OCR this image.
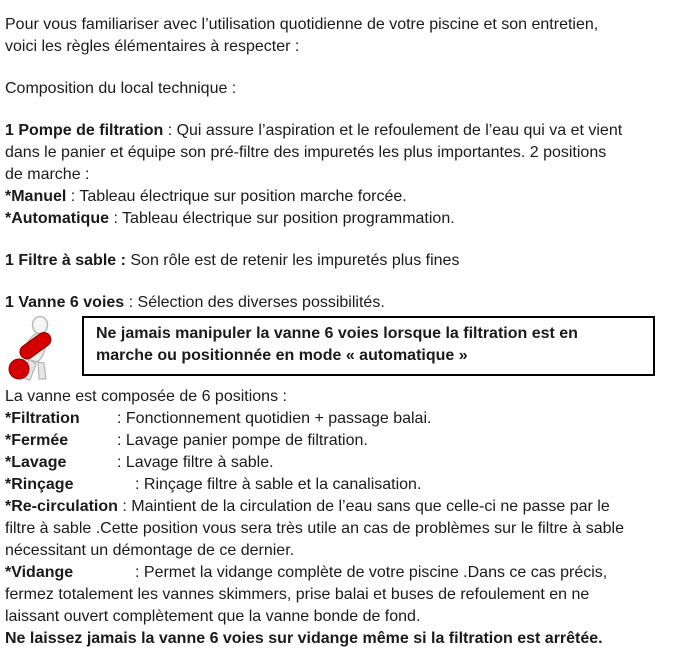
Pour vous familiariser avec l’utilisation quotidienne de votre piscine et son entretien,
voici les règles élémentaires à respecter :

Composition du local technique :

1 Pompe de filtration : Qui assure l’aspiration et le refoulement de l’eau qui va et vient
dans le panier et équipe son pré-filtre des impuretés les plus importantes. 2 positions
de marche :
*Manuel : Tableau électrique sur position marche forcée.
*Automatique : Tableau électrique sur position programmation.

1 Filtre à sable : Son rôle est de retenir les impuretés plus fines

1 Vanne 6 voies : Sélection des diverses possibilités.

Ne jamais manipuler la vanne 6 voies lorsque la filtration est en
marche ou positionnée en mode « automatique »
La vanne est composée de 6 positions :
*Filtration : Fonctionnement quotidien + passage balai.
*Fermée	: Lavage panier pompe de filtration.
*Lavage	: Lavage filtre à sable.
*Rinçage	: Rinçage filtre à sable et la canalisation.
*Re-circulation : Maintient de la circulation de l’eau sans que celle-ci ne passe par le
filtre à sable .Cette position vous sera très utile an cas de problèmes sur le filtre à sable
nécessitant un démontage de ce dernier.
*Vidange	: Permet la vidange complète de votre piscine .Dans ce cas précis,
fermez totalement les vannes skimmers, prise balai et buses de refoulement en ne
laissant ouvert complètement que la vanne bonde de fond.
Ne laissez jamais la vanne 6 voies sur vidange même si la filtration est arrêtée.
